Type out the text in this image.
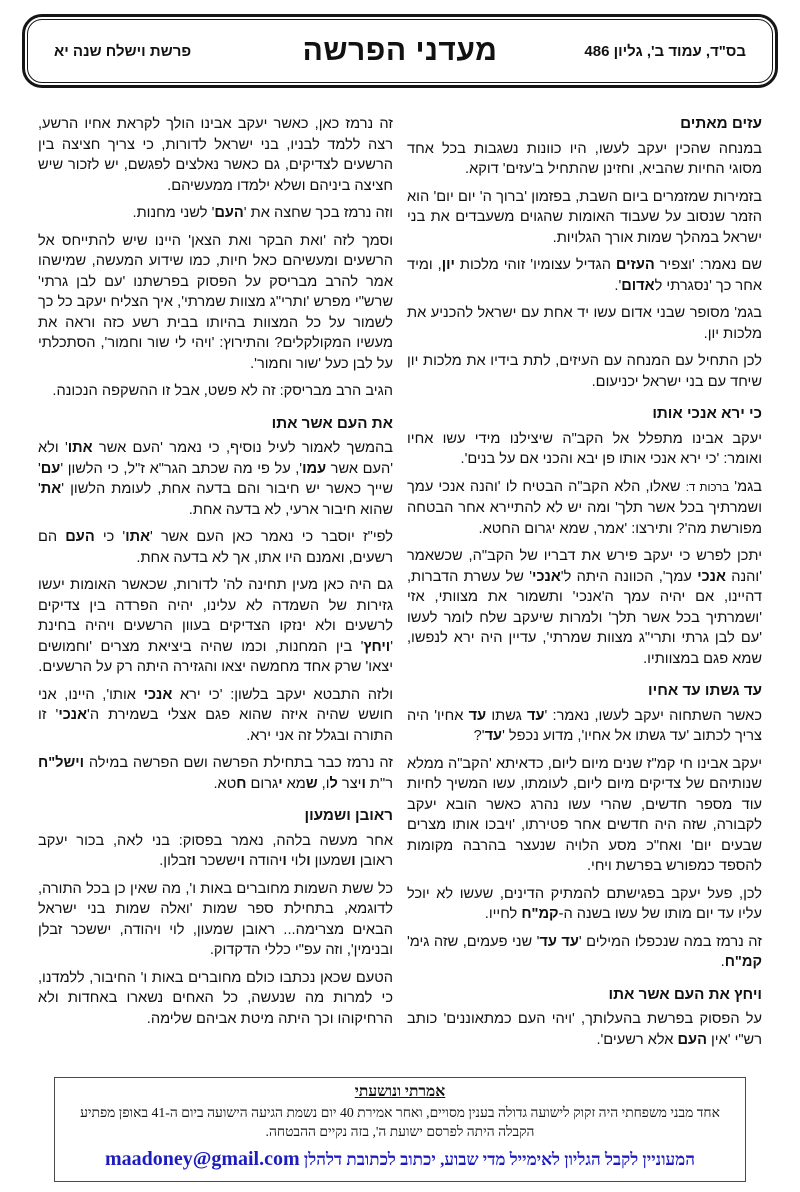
בס"ד, עמוד ב', גליון 486
מעדני הפרשה
פרשת וישלח שנה יא
עזים מאתים

במנחה שהכין יעקב לעשו, היו כוונות נשגבות בכל אחד מסוגי החיות שהביא, וחזינן שהתחיל ב'עזים' דוקא.

בזמירות שמזמרים ביום השבת, בפזמון 'ברוך ה' יום יום' הוא הזמר שנסוב על שעבוד האומות שהגוים משעבדים את בני ישראל במהלך שמות אורך הגלויות.

שם נאמר: 'וצפיר העזים הגדיל עצומיו' זוהי מלכות יון, ומיד אחר כך 'נסגרתי לאדום'.

בגמ' מסופר שבני אדום עשו יד אחת עם ישראל להכניע את מלכות יון.

לכן התחיל עם המנחה עם העיזים, לתת בידיו את מלכות יון שיחד עם בני ישראל יכניעום.

כי ירא אנכי אותו

יעקב אבינו מתפלל אל הקב"ה שיצילנו מידי עשו אחיו ואומר: 'כי ירא אנכי אותו פן יבא והכני אם על בנים'.

בגמ' ברכות ד: שאלו, הלא הקב"ה הבטיח לו 'והנה אנכי עמך ושמרתיך בכל אשר תלך' ומה יש לא להתיירא אחר הבטחה מפורשת מה'? ותירצו: 'אמר, שמא יגרום החטא.

יתכן לפרש כי יעקב פירש את דבריו של הקב"ה, שכשאמר 'והנה אנכי עמך', הכוונה היתה ל'אנכי' של עשרת הדברות, דהיינו, אם יהיה עמך ה'אנכי' ותשמור את מצוותי, אזי 'ושמרתיך בכל אשר תלך' ולמרות שיעקב שלח לומר לעשו 'עם לבן גרתי ותרי"ג מצוות שמרתי', עדיין היה ירא לנפשו, שמא פגם במצוותיו.

עד גשתו עד אחיו

כאשר השתחוה יעקב לעשו, נאמר: 'עד גשתו עד אחיו' היה צריך לכתוב 'עד גשתו אל אחיו', מדוע נכפל 'עד'?

יעקב אבינו חי קמ"ז שנים מיום ליום, כדאיתא 'הקב"ה ממלא שנותיהם של צדיקים מיום ליום, לעומתו, עשו המשיך לחיות עוד מספר חדשים, שהרי עשו נהרג כאשר הובא יעקב לקבורה, שזה היה חדשים אחר פטירתו, 'ויבכו אותו מצרים שבעים יום' ואח"כ מסע הלויה שנעצר בהרבה מקומות להספד כמפורש בפרשת ויחי.

לכן, פעל יעקב בפגישתם להמתיק הדינים, שעשו לא יוכל עליו עד יום מותו של עשו בשנה ה-קמ"ח לחייו.

זה נרמז במה שנכפלו המילים 'עד עד' שני פעמים, שזה גימ' קמ"ח.

ויחץ את העם אשר אתו

על הפסוק בפרשת בהעלותך, 'ויהי העם כמתאוננים' כותב רש"י 'אין העם אלא רשעים'.

זה נרמז כאן, כאשר יעקב אבינו הולך לקראת אחיו הרשע, רצה ללמד לבניו, בני ישראל לדורות, כי צריך חציצה בין הרשעים לצדיקים, גם כאשר נאלצים לפגשם, יש לזכור שיש חציצה ביניהם ושלא ילמדו ממעשיהם.

וזה נרמז בכך שחצה את 'העם' לשני מחנות.

וסמך לזה 'ואת הבקר ואת הצאן' היינו שיש להתייחס אל הרשעים ומעשיהם כאל חיות, כמו שידוע המעשה, שמישהו אמר להרב מבריסק על הפסוק בפרשתנו 'עם לבן גרתי' שרש"י מפרש 'ותרי"ג מצוות שמרתי', איך הצליח יעקב כל כך לשמור על כל המצוות בהיותו בבית רשע כזה וראה את מעשיו המקולקלים? והתירוץ: 'ויהי לי שור וחמור', הסתכלתי על לבן כעל 'שור וחמור'.

הגיב הרב מבריסק: זה לא פשט, אבל זו ההשקפה הנכונה.

את העם אשר אתו

בהמשך לאמור לעיל נוסיף, כי נאמר 'העם אשר אתו' ולא 'העם אשר עמו', על פי מה שכתב הגר"א ז"ל, כי הלשון 'עם' שייך כאשר יש חיבור והם בדעה אחת, לעומת הלשון 'את' שהוא חיבור ארעי, לא בדעה אחת.

לפי"ז יוסבר כי נאמר כאן העם אשר 'אתו' כי העם הם רשעים, ואמנם היו אתו, אך לא בדעה אחת.

גם היה כאן מעין תחינה לה' לדורות, שכאשר האומות יעשו גזירות של השמדה לא עלינו, יהיה הפרדה בין צדיקים לרשעים ולא ינזקו הצדיקים בעוון הרשעים ויהיה בחינת 'ויחץ' בין המחנות, וכמו שהיה ביציאת מצרים 'וחמושים יצאו' שרק אחד מחמשה יצאו והגזירה היתה רק על הרשעים.

ולזה התבטא יעקב בלשון: 'כי ירא אנכי אותו', היינו, אני חושש שהיה איזה שהוא פגם אצלי בשמירת ה'אנכי' זו התורה ובגלל זה אני ירא.

זה נרמז כבר בתחילת הפרשה ושם הפרשה במילה וישל"ח ר"ת ויצר לו, שמא יגרום חטא.

ראובן ושמעון

אחר מעשה בלהה, נאמר בפסוק: בני לאה, בכור יעקב ראובן ושמעון ולוי ויהודה ויששכר וזבלון.

כל ששת השמות מחוברים באות ו', מה שאין כן בכל התורה, לדוגמא, בתחילת ספר שמות 'ואלה שמות בני ישראל הבאים מצרימה... ראובן שמעון, לוי ויהודה, יששכר זבלן ובנימין', וזה עפ"י כללי הדקדוק.

הטעם שכאן נכתבו כולם מחוברים באות ו' החיבור, ללמדנו, כי למרות מה שנעשה, כל האחים נשארו באחדות ולא הרחיקוהו וכך היתה מיטת אביהם שלימה.

אמרתי ונושעתי
אחד מבני משפחתי היה זקוק לישועה גדולה בענין מסויים, ואחר אמירת 40 יום נשמת הגיעה הישועה ביום ה-41 באופן מפתיע
הקבלה היתה לפרסם ישועת ה', בזה נקיים ההבטחה.
המעוניין לקבל הגליון לאימייל מדי שבוע, יכתוב לכתובת דלהלן maadoney@gmail.com
